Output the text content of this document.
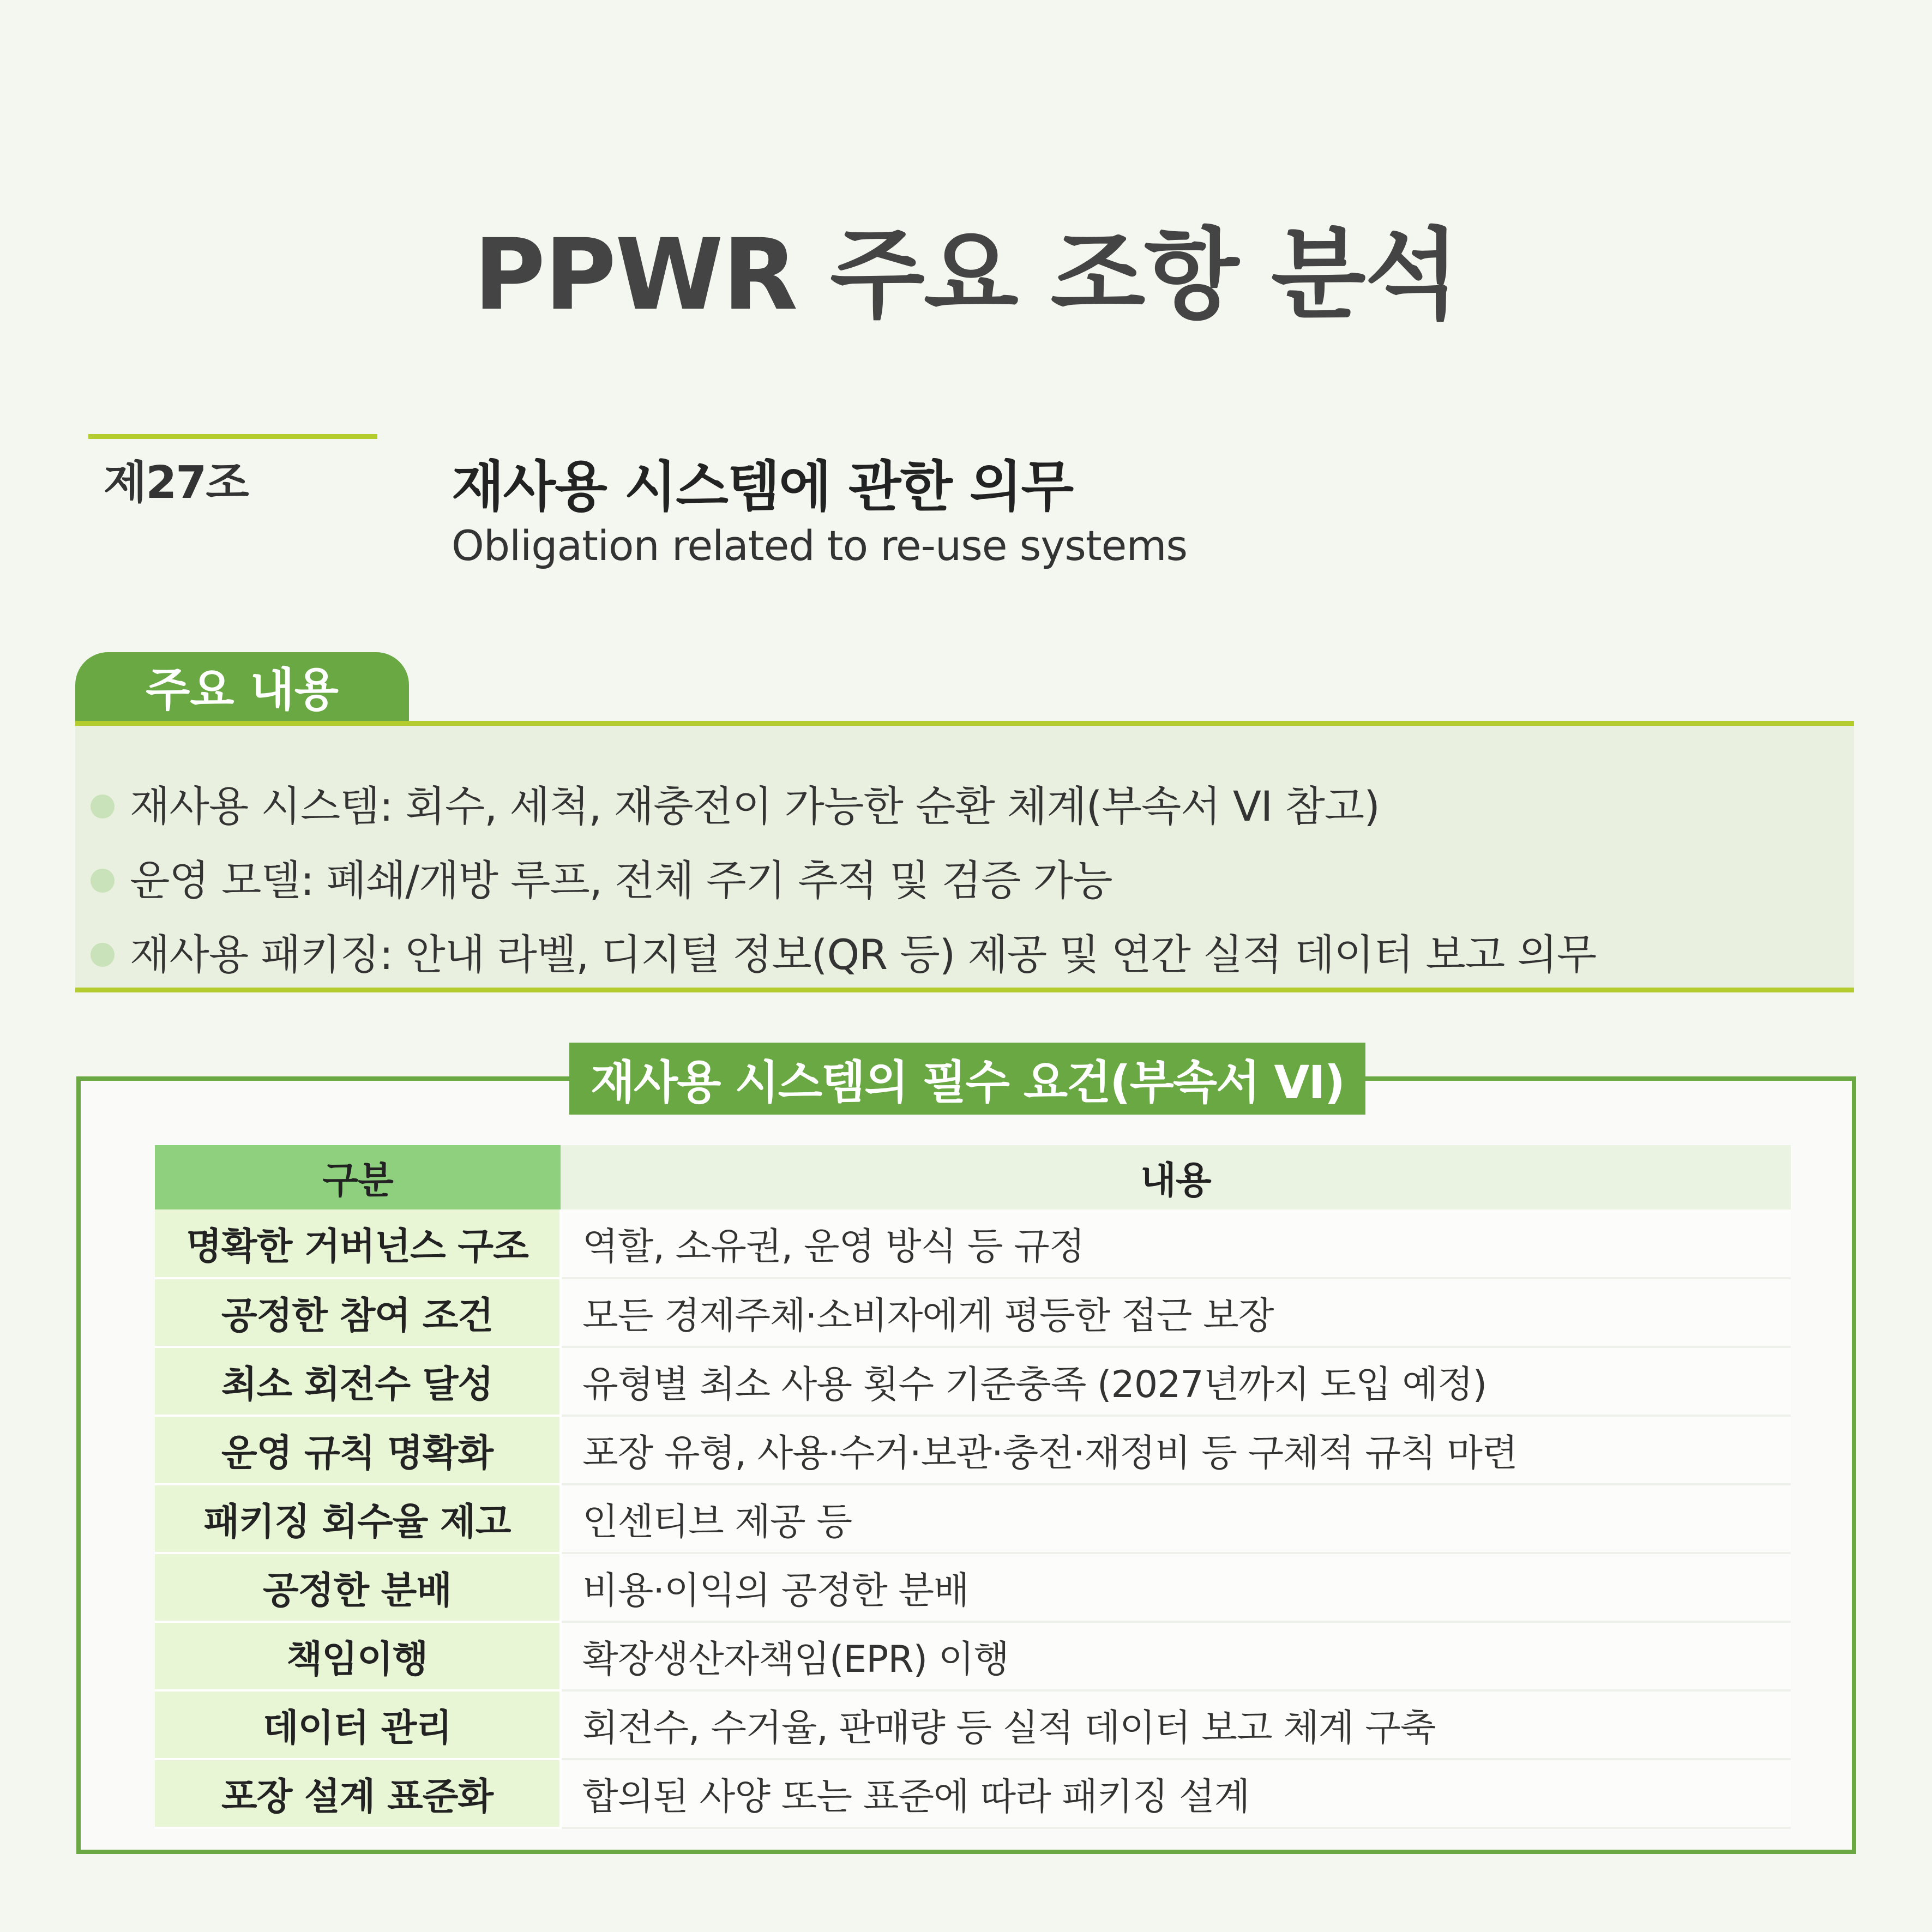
PPWR 주요 조항 분석
제27조	재사용 시스템에 관한 의무
Obligation related to re-use systems
주요 내용
재사용 시스템: 회수, 세척, 재충전이 가능한 순환 체계(부속서 VI 참고)
운영 모델: 폐쇄/개방 루프, 전체 주기 추적 및 검증 가능
재사용 패키징: 안내 라벨, 디지털 정보(QR 등) 제공 및 연간 실적 데이터 보고 의무
재사용 시스템의 필수 요건(부속서 VI)
구분	내용
명확한 거버넌스 구조	역할, 소유권, 운영 방식 등 규정
공정한 참여 조건	모든 경제주체·소비자에게 평등한 접근 보장
최소 회전수 달성	유형별 최소 사용 횟수 기준충족 (2027년까지 도입 예정)
운영 규칙 명확화	포장 유형, 사용·수거·보관·충전·재정비 등 구체적 규칙 마련
패키징 회수율 제고	인센티브 제공 등
공정한 분배	비용·이익의 공정한 분배
책임이행	확장생산자책임(EPR) 이행
데이터 관리	회전수, 수거율, 판매량 등 실적 데이터 보고 체계 구축
포장 설계 표준화	합의된 사양 또는 표준에 따라 패키징 설계
